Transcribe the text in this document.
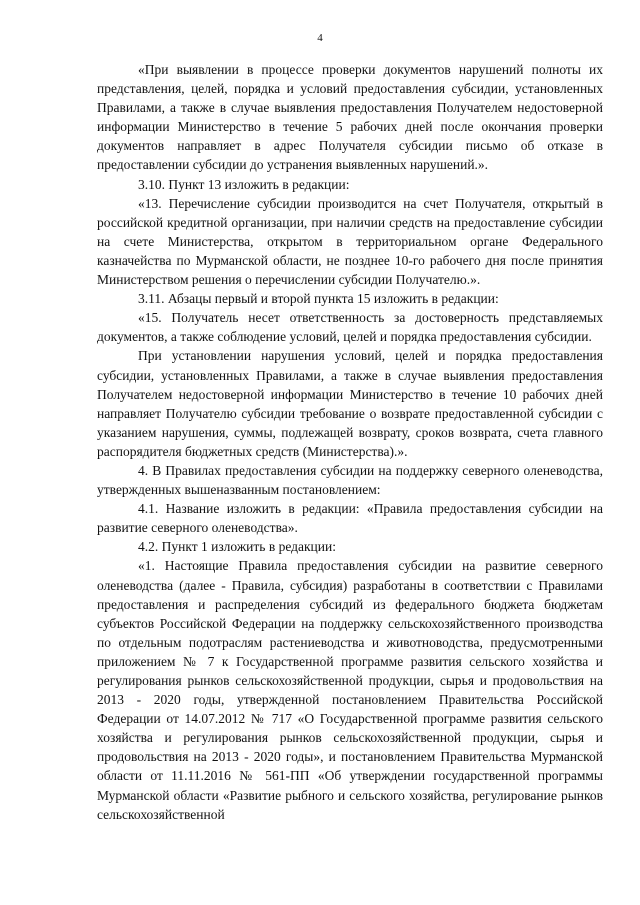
4

«При выявлении в процессе проверки документов нарушений полноты их представления, целей, порядка и условий предоставления субсидии, установленных Правилами, а также в случае выявления предоставления Получателем недостоверной информации Министерство в течение 5 рабочих дней после окончания проверки документов направляет в адрес Получателя субсидии письмо об отказе в предоставлении субсидии до устранения выявленных нарушений.».

3.10. Пункт 13 изложить в редакции:

«13. Перечисление субсидии производится на счет Получателя, открытый в российской кредитной организации, при наличии средств на предоставление субсидии на счете Министерства, открытом в территориальном органе Федерального казначейства по Мурманской области, не позднее 10-го рабочего дня после принятия Министерством решения о перечислении субсидии Получателю.».

3.11. Абзацы первый и второй пункта 15 изложить в редакции:

«15. Получатель несет ответственность за достоверность представляемых документов, а также соблюдение условий, целей и порядка предоставления субсидии.

При установлении нарушения условий, целей и порядка предоставления субсидии, установленных Правилами, а также в случае выявления предоставления Получателем недостоверной информации Министерство в течение 10 рабочих дней направляет Получателю субсидии требование о возврате предоставленной субсидии с указанием нарушения, суммы, подлежащей возврату, сроков возврата, счета главного распорядителя бюджетных средств (Министерства).».

4. В Правилах предоставления субсидии на поддержку северного оленеводства, утвержденных вышеназванным постановлением:

4.1. Название изложить в редакции: «Правила предоставления субсидии на развитие северного оленеводства».

4.2. Пункт 1 изложить в редакции:

«1. Настоящие Правила предоставления субсидии на развитие северного оленеводства (далее - Правила, субсидия) разработаны в соответствии с Правилами предоставления и распределения субсидий из федерального бюджета бюджетам субъектов Российской Федерации на поддержку сельскохозяйственного производства по отдельным подотраслям растениеводства и животноводства, предусмотренными приложением № 7 к Государственной программе развития сельского хозяйства и регулирования рынков сельскохозяйственной продукции, сырья и продовольствия на 2013 - 2020 годы, утвержденной постановлением Правительства Российской Федерации от 14.07.2012 № 717 «О Государственной программе развития сельского хозяйства и регулирования рынков сельскохозяйственной продукции, сырья и продовольствия на 2013 - 2020 годы», и постановлением Правительства Мурманской области от 11.11.2016 № 561-ПП «Об утверждении государственной программы Мурманской области «Развитие рыбного и сельского хозяйства, регулирование рынков сельскохозяйственной
